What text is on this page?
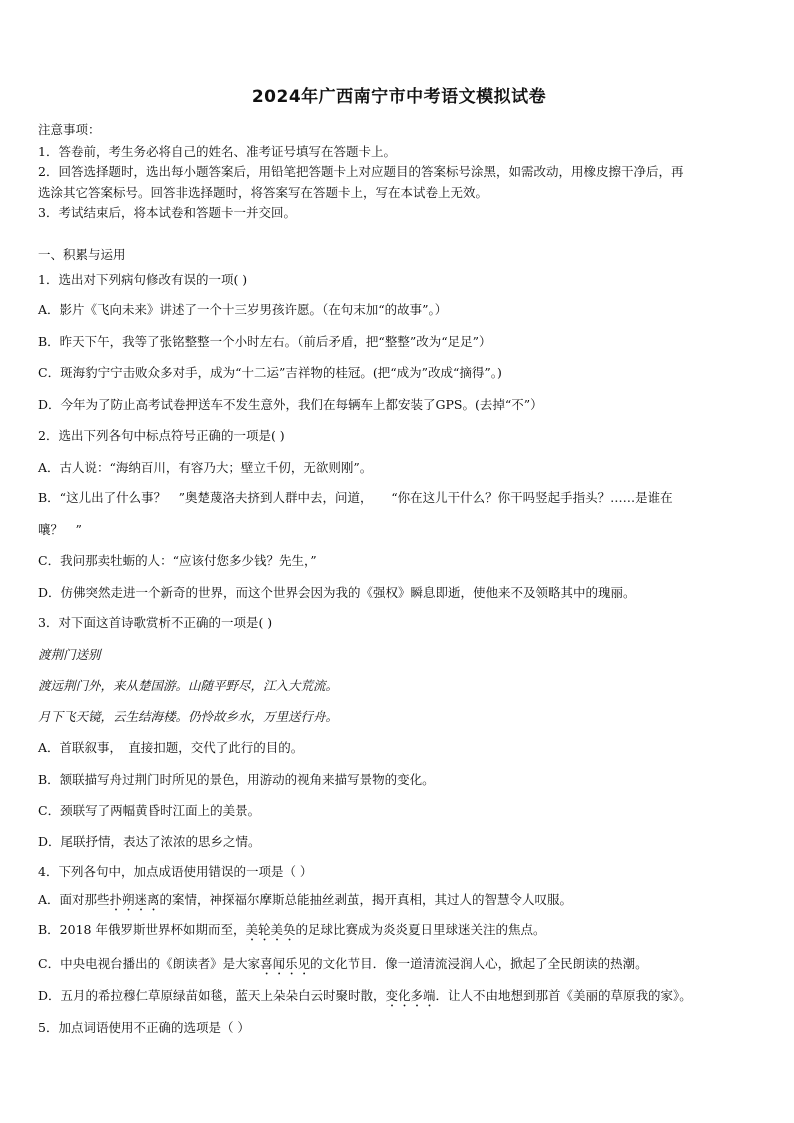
2024年广西南宁市中考语文模拟试卷
注意事项：
1．答卷前，考生务必将自己的姓名、准考证号填写在答题卡上。
2．回答选择题时，选出每小题答案后，用铅笔把答题卡上对应题目的答案标号涂黑，如需改动，用橡皮擦干净后，再
选涂其它答案标号。回答非选择题时，将答案写在答题卡上，写在本试卷上无效。
3．考试结束后，将本试卷和答题卡一并交回。
一、积累与运用
1．选出对下列病句修改有误的一项( )
A．影片《飞向未来》讲述了一个十三岁男孩许愿。（在句末加“的故事”。）
B．昨天下午，我等了张铭整整一个小时左右。（前后矛盾，把“整整”改为“足足”）
C．斑海豹宁宁击败众多对手，成为“十二运”吉祥物的桂冠。(把“成为”改成“摘得”。)
D．今年为了防止高考试卷押送车不发生意外，我们在每辆车上都安装了GPS。(去掉“不”）
2．选出下列各句中标点符号正确的一项是( )
A．古人说：“海纳百川，有容乃大；壁立千仞，无欲则刚”。
B．“这儿出了什么事？　”奥楚蔑洛夫挤到人群中去，问道，　　“你在这儿干什么？你干吗竖起手指头？……是谁在
嚷？　”
C．我问那卖牡蛎的人：“应该付您多少钱？先生，”
D．仿佛突然走进一个新奇的世界，而这个世界会因为我的《强权》瞬息即逝，使他来不及领略其中的瑰丽。
3．对下面这首诗歌赏析不正确的一项是( )
渡荆门送别
渡远荆门外，来从楚国游。山随平野尽，江入大荒流。
月下飞天镜，云生结海楼。仍怜故乡水，万里送行舟。
A．首联叙事，　直接扣题，交代了此行的目的。
B．颔联描写舟过荆门时所见的景色，用游动的视角来描写景物的变化。
C．颈联写了两幅黄昏时江面上的美景。
D．尾联抒情，表达了浓浓的思乡之情。
4．下列各句中，加点成语使用错误的一项是（ ）
A．面对那些扑朔迷离的案情，神探福尔摩斯总能抽丝剥茧，揭开真相，其过人的智慧令人叹服。
B．2018 年俄罗斯世界杯如期而至，美轮美奂的足球比赛成为炎炎夏日里球迷关注的焦点。
C．中央电视台播出的《朗读者》是大家喜闻乐见的文化节目．像一道清流浸润人心，掀起了全民朗读的热潮。
D．五月的希拉穆仁草原绿苗如毯，蓝天上朵朵白云时聚时散，变化多端．让人不由地想到那首《美丽的草原我的家》。
5．加点词语使用不正确的选项是（ ）
